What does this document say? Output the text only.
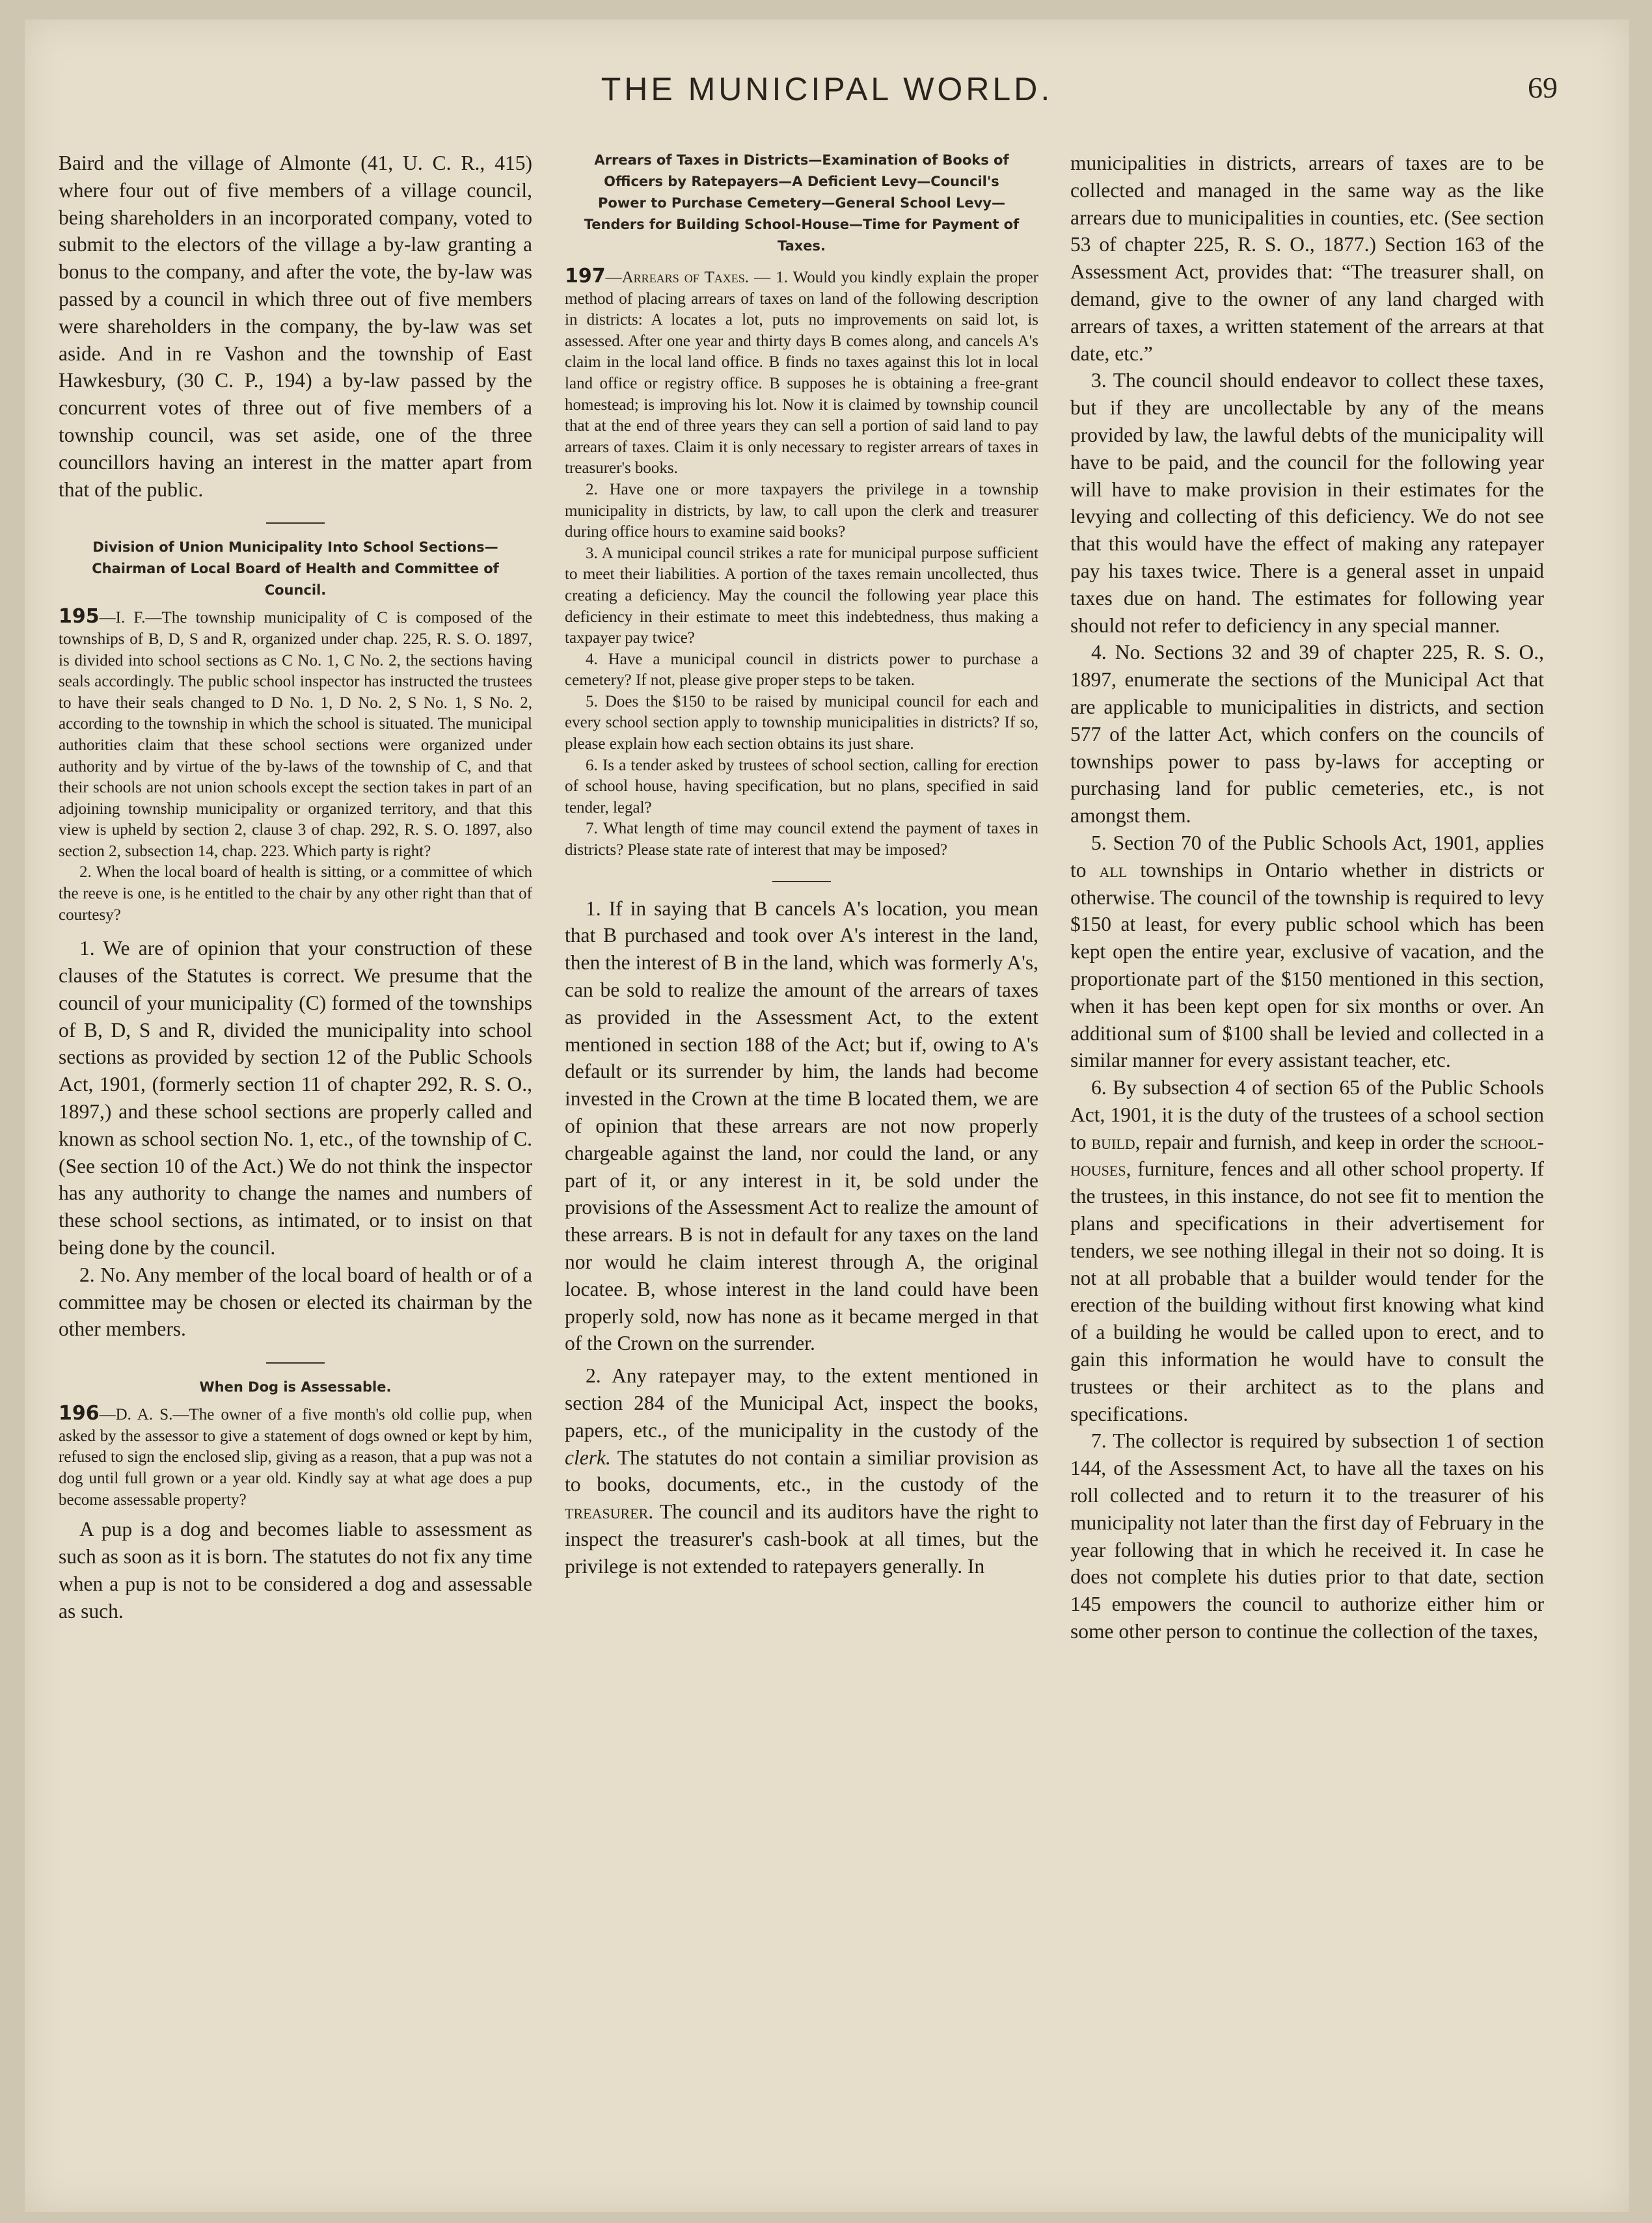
THE MUNICIPAL WORLD.	69

Baird and the village of Almonte (41, U. C. R., 415) where four out of five members of a village council, being shareholders in an incorporated company, voted to submit to the electors of the village a by-law granting a bonus to the company, and after the vote, the by-law was passed by a council in which three out of five members were shareholders in the company, the by-law was set aside. And in re Vashon and the township of East Hawkesbury, (30 C. P., 194) a by-law passed by the concurrent votes of three out of five members of a township council, was set aside, one of the three councillors having an interest in the matter apart from that of the public.

Division of Union Municipality Into School Sections—Chairman of Local Board of Health and Committee of Council.

195—I. F.—The township municipality of C is composed of the townships of B, D, S and R, organized under chap. 225, R. S. O. 1897, is divided into school sections as C No. 1, C No. 2, the sections having seals accordingly. The public school inspector has instructed the trustees to have their seals changed to D No. 1, D No. 2, S No. 1, S No. 2, according to the township in which the school is situated. The municipal authorities claim that these school sections were organized under authority and by virtue of the by-laws of the township of C, and that their schools are not union schools except the section takes in part of an adjoining township municipality or organized territory, and that this view is upheld by section 2, clause 3 of chap. 292, R. S. O. 1897, also section 2, subsection 14, chap. 223. Which party is right?

2. When the local board of health is sitting, or a committee of which the reeve is one, is he entitled to the chair by any other right than that of courtesy?

1. We are of opinion that your construction of these clauses of the Statutes is correct. We presume that the council of your municipality (C) formed of the townships of B, D, S and R, divided the municipality into school sections as provided by section 12 of the Public Schools Act, 1901, (formerly section 11 of chapter 292, R. S. O., 1897,) and these school sections are properly called and known as school section No. 1, etc., of the township of C. (See section 10 of the Act.) We do not think the inspector has any authority to change the names and numbers of these school sections, as intimated, or to insist on that being done by the council.

2. No. Any member of the local board of health or of a committee may be chosen or elected its chairman by the other members.

When Dog is Assessable.

196—D. A. S.—The owner of a five month's old collie pup, when asked by the assessor to give a statement of dogs owned or kept by him, refused to sign the enclosed slip, giving as a reason, that a pup was not a dog until full grown or a year old. Kindly say at what age does a pup become assessable property?

A pup is a dog and becomes liable to assessment as such as soon as it is born. The statutes do not fix any time when a pup is not to be considered a dog and assessable as such.

Arrears of Taxes in Districts—Examination of Books of Officers by Ratepayers—A Deficient Levy—Council's Power to Purchase Cemetery—General School Levy—Tenders for Building School-House—Time for Payment of Taxes.

197—Arrears of Taxes. — 1. Would you kindly explain the proper method of placing arrears of taxes on land of the following description in districts: A locates a lot, puts no improvements on said lot, is assessed. After one year and thirty days B comes along, and cancels A's claim in the local land office. B finds no taxes against this lot in local land office or registry office. B supposes he is obtaining a free-grant homestead; is improving his lot. Now it is claimed by township council that at the end of three years they can sell a portion of said land to pay arrears of taxes. Claim it is only necessary to register arrears of taxes in treasurer's books.

2. Have one or more taxpayers the privilege in a township municipality in districts, by law, to call upon the clerk and treasurer during office hours to examine said books?

3. A municipal council strikes a rate for municipal purpose sufficient to meet their liabilities. A portion of the taxes remain uncollected, thus creating a deficiency. May the council the following year place this deficiency in their estimate to meet this indebtedness, thus making a taxpayer pay twice?

4. Have a municipal council in districts power to purchase a cemetery? If not, please give proper steps to be taken.

5. Does the $150 to be raised by municipal council for each and every school section apply to township municipalities in districts? If so, please explain how each section obtains its just share.

6. Is a tender asked by trustees of school section, calling for erection of school house, having specification, but no plans, specified in said tender, legal?

7. What length of time may council extend the payment of taxes in districts? Please state rate of interest that may be imposed?

1. If in saying that B cancels A's location, you mean that B purchased and took over A's interest in the land, then the interest of B in the land, which was formerly A's, can be sold to realize the amount of the arrears of taxes as provided in the Assessment Act, to the extent mentioned in section 188 of the Act; but if, owing to A's default or its surrender by him, the lands had become invested in the Crown at the time B located them, we are of opinion that these arrears are not now properly chargeable against the land, nor could the land, or any part of it, or any interest in it, be sold under the provisions of the Assessment Act to realize the amount of these arrears. B is not in default for any taxes on the land nor would he claim interest through A, the original locatee. B, whose interest in the land could have been properly sold, now has none as it became merged in that of the Crown on the surrender.

2. Any ratepayer may, to the extent mentioned in section 284 of the Municipal Act, inspect the books, papers, etc., of the municipality in the custody of the clerk. The statutes do not contain a similiar provision as to books, documents, etc., in the custody of the treasurer. The council and its auditors have the right to inspect the treasurer's cash-book at all times, but the privilege is not extended to ratepayers generally. In

municipalities in districts, arrears of taxes are to be collected and managed in the same way as the like arrears due to municipalities in counties, etc. (See section 53 of chapter 225, R. S. O., 1877.) Section 163 of the Assessment Act, provides that: “The treasurer shall, on demand, give to the owner of any land charged with arrears of taxes, a written statement of the arrears at that date, etc.”

3. The council should endeavor to collect these taxes, but if they are uncollectable by any of the means provided by law, the lawful debts of the municipality will have to be paid, and the council for the following year will have to make provision in their estimates for the levying and collecting of this deficiency. We do not see that this would have the effect of making any ratepayer pay his taxes twice. There is a general asset in unpaid taxes due on hand. The estimates for following year should not refer to deficiency in any special manner.

4. No. Sections 32 and 39 of chapter 225, R. S. O., 1897, enumerate the sections of the Municipal Act that are applicable to municipalities in districts, and section 577 of the latter Act, which confers on the councils of townships power to pass by-laws for accepting or purchasing land for public cemeteries, etc., is not amongst them.

5. Section 70 of the Public Schools Act, 1901, applies to all townships in Ontario whether in districts or otherwise. The council of the township is required to levy $150 at least, for every public school which has been kept open the entire year, exclusive of vacation, and the proportionate part of the $150 mentioned in this section, when it has been kept open for six months or over. An additional sum of $100 shall be levied and collected in a similar manner for every assistant teacher, etc.

6. By subsection 4 of section 65 of the Public Schools Act, 1901, it is the duty of the trustees of a school section to build, repair and furnish, and keep in order the school-houses, furniture, fences and all other school property. If the trustees, in this instance, do not see fit to mention the plans and specifications in their advertisement for tenders, we see nothing illegal in their not so doing. It is not at all probable that a builder would tender for the erection of the building without first knowing what kind of a building he would be called upon to erect, and to gain this information he would have to consult the trustees or their architect as to the plans and specifications.

7. The collector is required by subsection 1 of section 144, of the Assessment Act, to have all the taxes on his roll collected and to return it to the treasurer of his municipality not later than the first day of February in the year following that in which he received it. In case he does not complete his duties prior to that date, section 145 empowers the council to authorize either him or some other person to continue the collection of the taxes,
